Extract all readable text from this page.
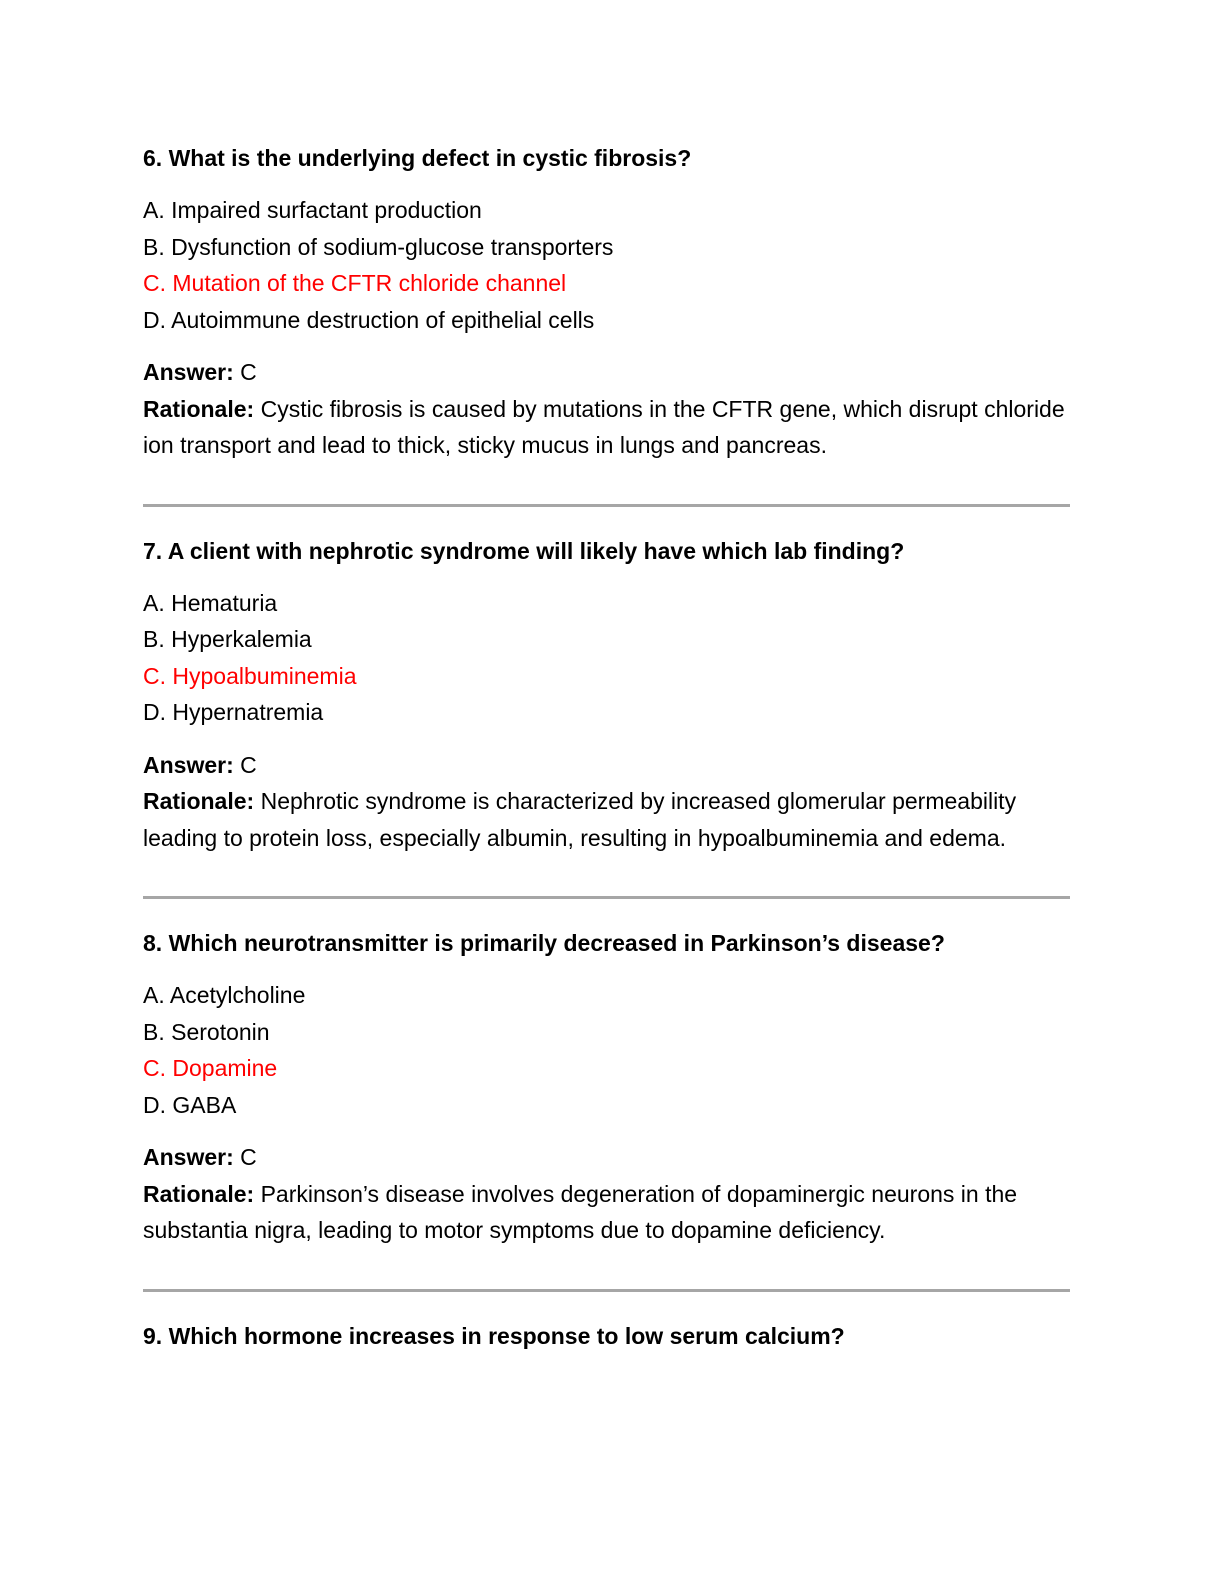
6. What is the underlying defect in cystic fibrosis?

A. Impaired surfactant production
B. Dysfunction of sodium-glucose transporters
C. Mutation of the CFTR chloride channel
D. Autoimmune destruction of epithelial cells

Answer: C

Rationale: Cystic fibrosis is caused by mutations in the CFTR gene, which disrupt chloride ion transport and lead to thick, sticky mucus in lungs and pancreas.

7. A client with nephrotic syndrome will likely have which lab finding?

A. Hematuria
B. Hyperkalemia
C. Hypoalbuminemia
D. Hypernatremia

Answer: C

Rationale: Nephrotic syndrome is characterized by increased glomerular permeability leading to protein loss, especially albumin, resulting in hypoalbuminemia and edema.

8. Which neurotransmitter is primarily decreased in Parkinson’s disease?

A. Acetylcholine
B. Serotonin
C. Dopamine
D. GABA

Answer: C

Rationale: Parkinson’s disease involves degeneration of dopaminergic neurons in the substantia nigra, leading to motor symptoms due to dopamine deficiency.

9. Which hormone increases in response to low serum calcium?
